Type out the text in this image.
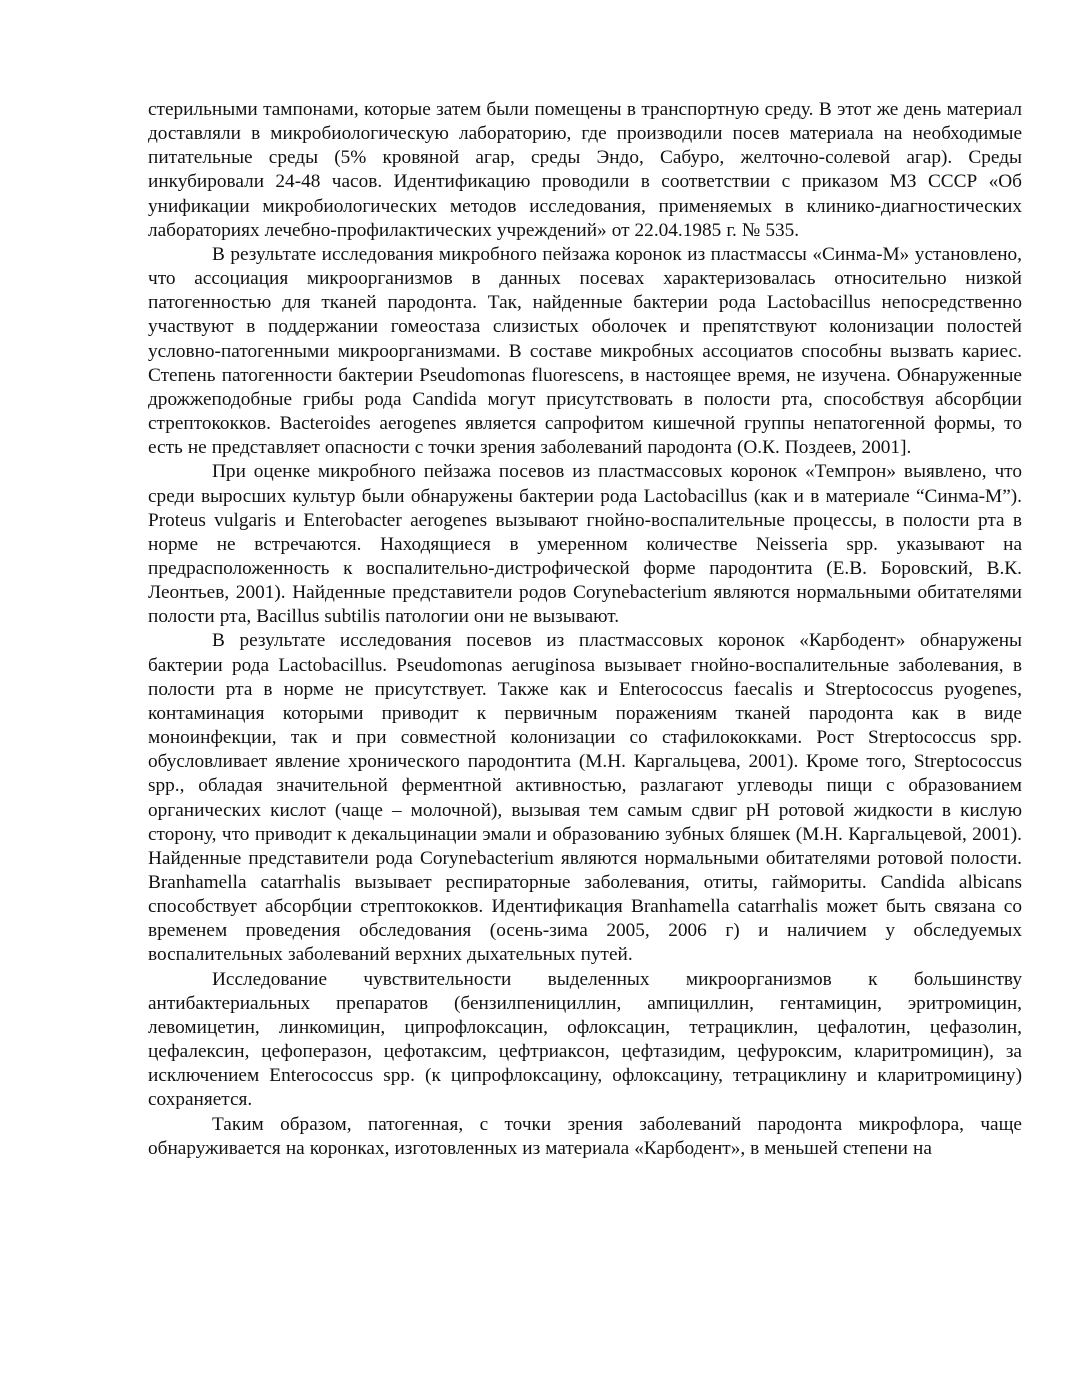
стерильными тампонами, которые затем были помещены в транспортную среду. В этот же день материал доставляли в микробиологическую лабораторию, где производили посев материала на необходимые питательные среды (5% кровяной агар, среды Эндо, Сабуро, желточно-солевой агар). Среды инкубировали 24-48 часов. Идентификацию проводили в соответствии с приказом МЗ СССР «Об унификации микробиологических методов исследования, применяемых в клинико-диагностических лабораториях лечебно-профилактических учреждений» от 22.04.1985 г. № 535.

В результате исследования микробного пейзажа коронок из пластмассы «Синма-М» установлено, что ассоциация микроорганизмов в данных посевах характеризовалась относительно низкой патогенностью для тканей пародонта. Так, найденные бактерии рода Lactobacillus непосредственно участвуют в поддержании гомеостаза слизистых оболочек и препятствуют колонизации полостей условно-патогенными микроорганизмами. В составе микробных ассоциатов способны вызвать кариес. Степень патогенности бактерии Pseudomonas fluorescens, в настоящее время, не изучена. Обнаруженные дрожжеподобные грибы рода Candida могут присутствовать в полости рта, способствуя абсорбции стрептококков. Bacteroides aerogenes является сапрофитом кишечной группы непатогенной формы, то есть не представляет опасности с точки зрения заболеваний пародонта (О.К. Поздеев, 2001].

При оценке микробного пейзажа посевов из пластмассовых коронок «Темпрон» выявлено, что среди выросших культур были обнаружены бактерии рода Lactobacillus (как и в материале “Синма-М”). Proteus vulgaris и Enterobacter aerogenes вызывают гнойно-воспалительные процессы, в полости рта в норме не встречаются. Находящиеся в умеренном количестве Neisseria spp. указывают на предрасположенность к воспалительно-дистрофической форме пародонтита (Е.В. Боровский, В.К. Леонтьев, 2001). Найденные представители родов Corynebacterium являются нормальными обитателями полости рта, Bacillus subtilis патологии они не вызывают.

В результате исследования посевов из пластмассовых коронок «Карбодент» обнаружены бактерии рода Lactobacillus. Pseudomonas aeruginosa вызывает гнойно-воспалительные заболевания, в полости рта в норме не присутствует. Также как и Enterococcus faecalis и Streptococcus pyogenes, контаминация которыми приводит к первичным поражениям тканей пародонта как в виде моноинфекции, так и при совместной колонизации со стафилококками. Рост Streptococcus spp. обусловливает явление хронического пародонтита (М.Н. Каргальцева, 2001). Кроме того, Streptococcus spp., обладая значительной ферментной активностью, разлагают углеводы пищи с образованием органических кислот (чаще – молочной), вызывая тем самым сдвиг pH ротовой жидкости в кислую сторону, что приводит к декальцинации эмали и образованию зубных бляшек (М.Н. Каргальцевой, 2001). Найденные представители рода Corynebacterium являются нормальными обитателями ротовой полости. Branhamella catarrhalis вызывает респираторные заболевания, отиты, гаймориты. Candida albicans способствует абсорбции стрептококков. Идентификация Branhamella catarrhalis может быть связана со временем проведения обследования (осень-зима 2005, 2006 г) и наличием у обследуемых воспалительных заболеваний верхних дыхательных путей.

Исследование чувствительности выделенных микроорганизмов к большинству антибактериальных препаратов (бензилпенициллин, ампициллин, гентамицин, эритромицин, левомицетин, линкомицин, ципрофлоксацин, офлоксацин, тетрациклин, цефалотин, цефазолин, цефалексин, цефоперазон, цефотаксим, цефтриаксон, цефтазидим, цефуроксим, кларитромицин), за исключением Enterococcus spp. (к ципрофлоксацину, офлоксацину, тетрациклину и кларитромицину) сохраняется.

Таким образом, патогенная, с точки зрения заболеваний пародонта микрофлора, чаще обнаруживается на коронках, изготовленных из материала «Карбодент», в меньшей степени на
